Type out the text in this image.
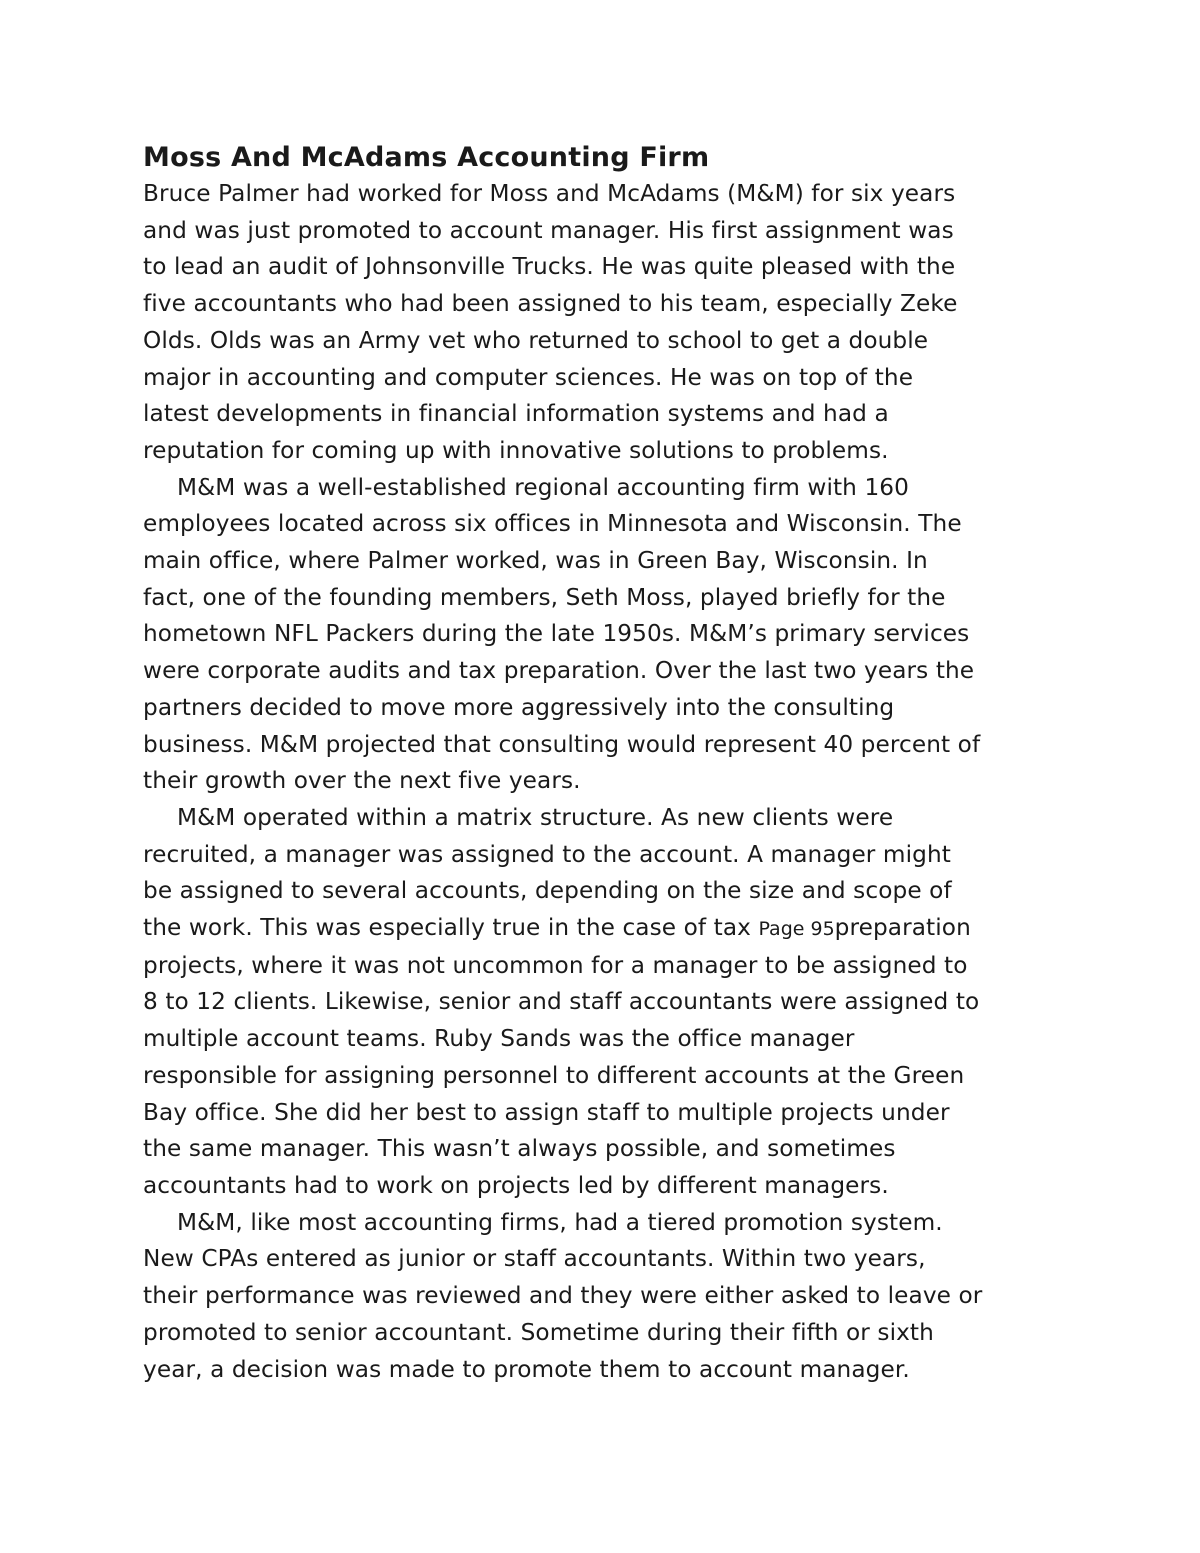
Moss And McAdams Accounting Firm

Bruce Palmer had worked for Moss and McAdams (M&M) for six years
and was just promoted to account manager. His first assignment was
to lead an audit of Johnsonville Trucks. He was quite pleased with the
five accountants who had been assigned to his team, especially Zeke
Olds. Olds was an Army vet who returned to school to get a double
major in accounting and computer sciences. He was on top of the
latest developments in financial information systems and had a
reputation for coming up with innovative solutions to problems.

M&M was a well-established regional accounting firm with 160
employees located across six offices in Minnesota and Wisconsin. The
main office, where Palmer worked, was in Green Bay, Wisconsin. In
fact, one of the founding members, Seth Moss, played briefly for the
hometown NFL Packers during the late 1950s. M&M’s primary services
were corporate audits and tax preparation. Over the last two years the
partners decided to move more aggressively into the consulting
business. M&M projected that consulting would represent 40 percent of
their growth over the next five years.

M&M operated within a matrix structure. As new clients were
recruited, a manager was assigned to the account. A manager might
be assigned to several accounts, depending on the size and scope of
the work. This was especially true in the case of tax Page 95preparation
projects, where it was not uncommon for a manager to be assigned to
8 to 12 clients. Likewise, senior and staff accountants were assigned to
multiple account teams. Ruby Sands was the office manager
responsible for assigning personnel to different accounts at the Green
Bay office. She did her best to assign staff to multiple projects under
the same manager. This wasn’t always possible, and sometimes
accountants had to work on projects led by different managers.

M&M, like most accounting firms, had a tiered promotion system.
New CPAs entered as junior or staff accountants. Within two years,
their performance was reviewed and they were either asked to leave or
promoted to senior accountant. Sometime during their fifth or sixth
year, a decision was made to promote them to account manager.
